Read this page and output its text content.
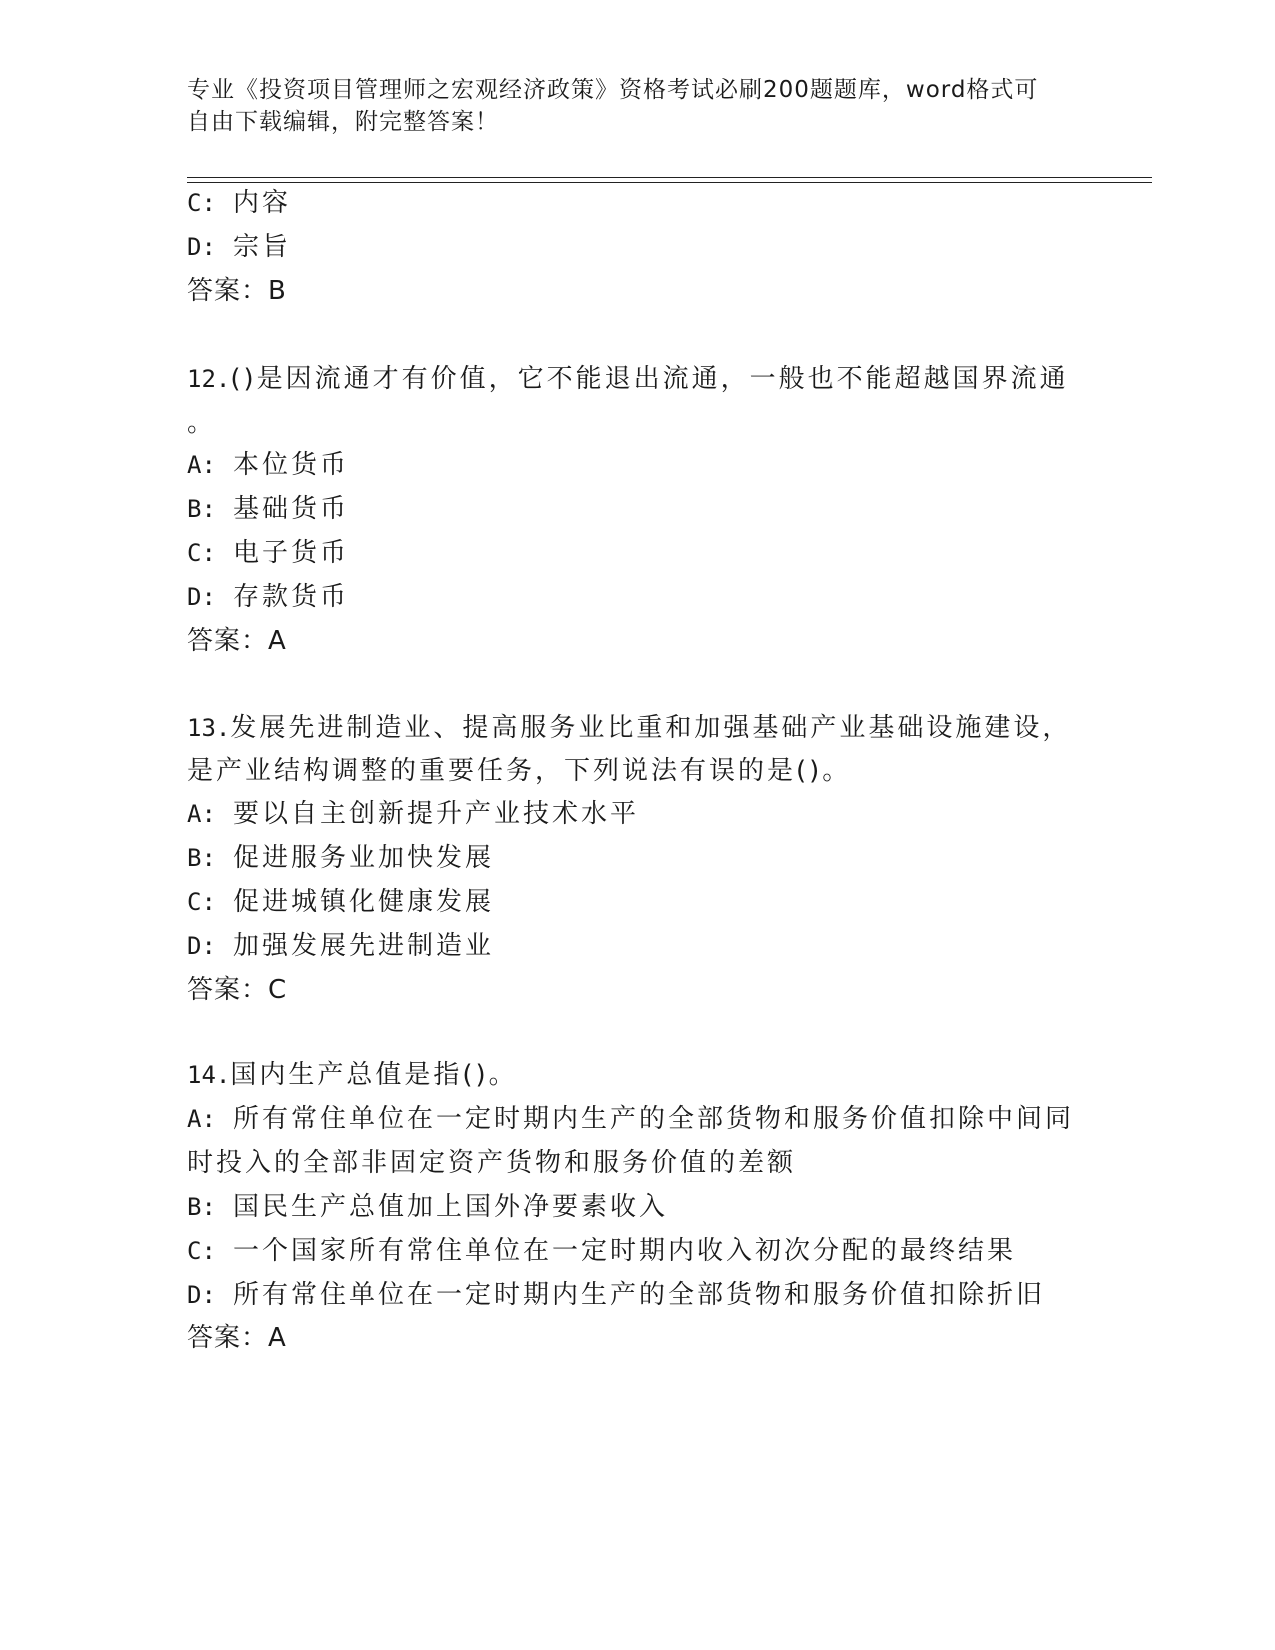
专业《投资项目管理师之宏观经济政策》资格考试必刷200题题库，word格式可
自由下载编辑，附完整答案！
C: 内容
D: 宗旨
答案：B
12.()是因流通才有价值，它不能退出流通，一般也不能超越国界流通
。
A: 本位货币
B: 基础货币
C: 电子货币
D: 存款货币
答案：A
13.发展先进制造业、提高服务业比重和加强基础产业基础设施建设，
是产业结构调整的重要任务，下列说法有误的是()。
A: 要以自主创新提升产业技术水平
B: 促进服务业加快发展
C: 促进城镇化健康发展
D: 加强发展先进制造业
答案：C
14.国内生产总值是指()。
A: 所有常住单位在一定时期内生产的全部货物和服务价值扣除中间同
时投入的全部非固定资产货物和服务价值的差额
B: 国民生产总值加上国外净要素收入
C: 一个国家所有常住单位在一定时期内收入初次分配的最终结果
D: 所有常住单位在一定时期内生产的全部货物和服务价值扣除折旧
答案：A
